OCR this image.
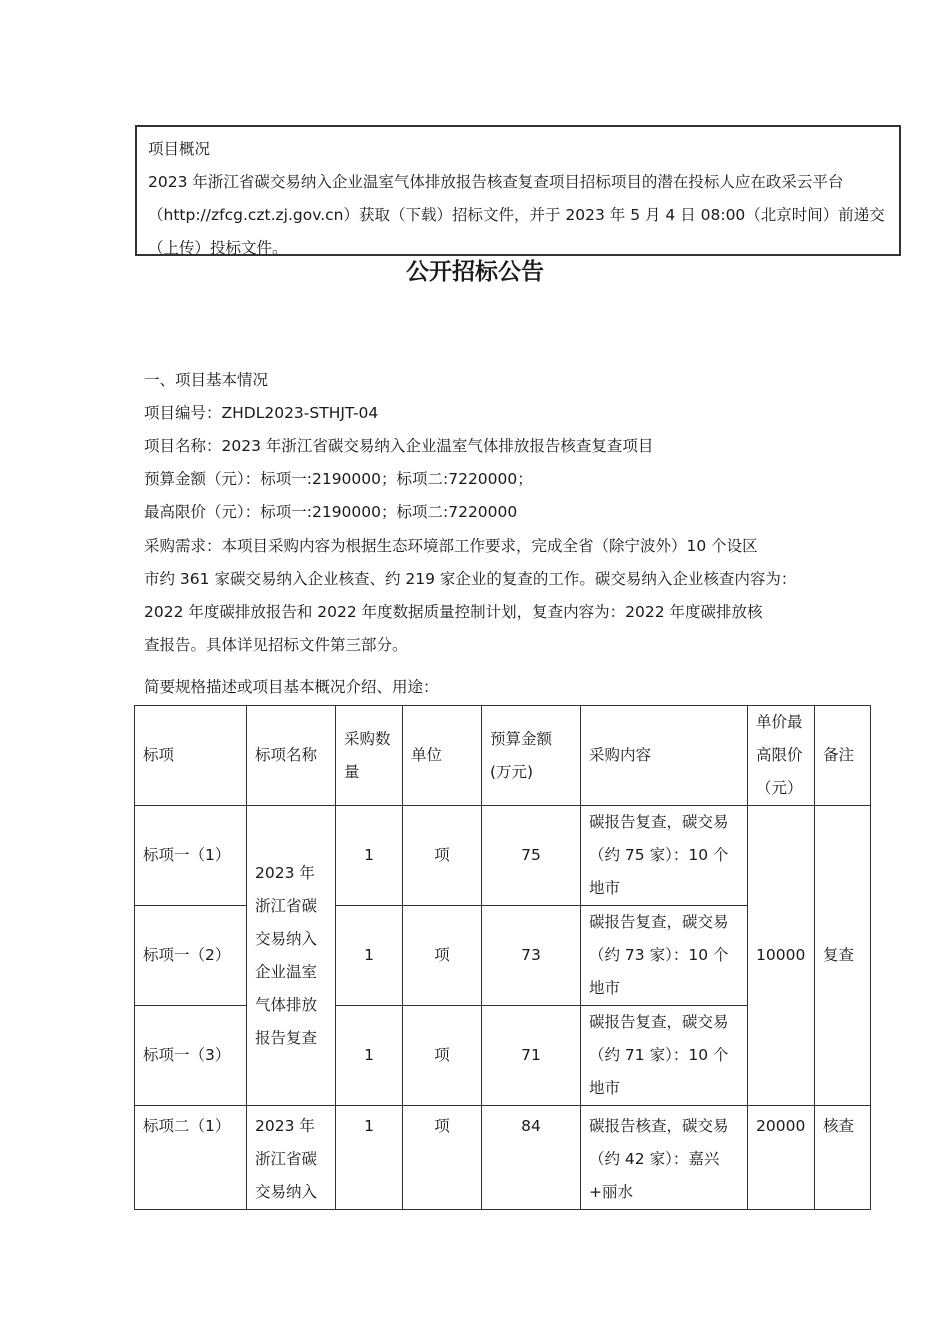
项目概况
2023 年浙江省碳交易纳入企业温室气体排放报告核查复查项目招标项目的潜在投标人应在政采云平台（http://zfcg.czt.zj.gov.cn）获取（下载）招标文件，并于 2023 年 5 月 4 日 08:00（北京时间）前递交（上传）投标文件。
公开招标公告
一、项目基本情况
项目编号：ZHDL2023-STHJT-04
项目名称：2023 年浙江省碳交易纳入企业温室气体排放报告核查复查项目
预算金额（元）：标项一:2190000；标项二:7220000；
最高限价（元）：标项一:2190000；标项二:7220000
采购需求：本项目采购内容为根据生态环境部工作要求，完成全省（除宁波外）10 个设区
市约 361 家碳交易纳入企业核查、约 219 家企业的复查的工作。碳交易纳入企业核查内容为：
2022 年度碳排放报告和 2022 年度数据质量控制计划，复查内容为：2022 年度碳排放核
查报告。具体详见招标文件第三部分。
简要规格描述或项目基本概况介绍、用途：
标项	标项名称	采购数量	单位	预算金额(万元)	采购内容	单价最高限价（元）	备注
标项一（1）	2023 年浙江省碳交易纳入企业温室气体排放报告复查	1	项	75	碳报告复查，碳交易（约 75 家）：10 个地市	10000	复查
标项一（2）		1	项	73	碳报告复查，碳交易（约 73 家）：10 个地市		
标项一（3）		1	项	71	碳报告复查，碳交易（约 71 家）：10 个地市		
标项二（1）	2023 年浙江省碳交易纳入	1	项	84	碳报告核查，碳交易（约 42 家）：嘉兴+丽水	20000	核查
